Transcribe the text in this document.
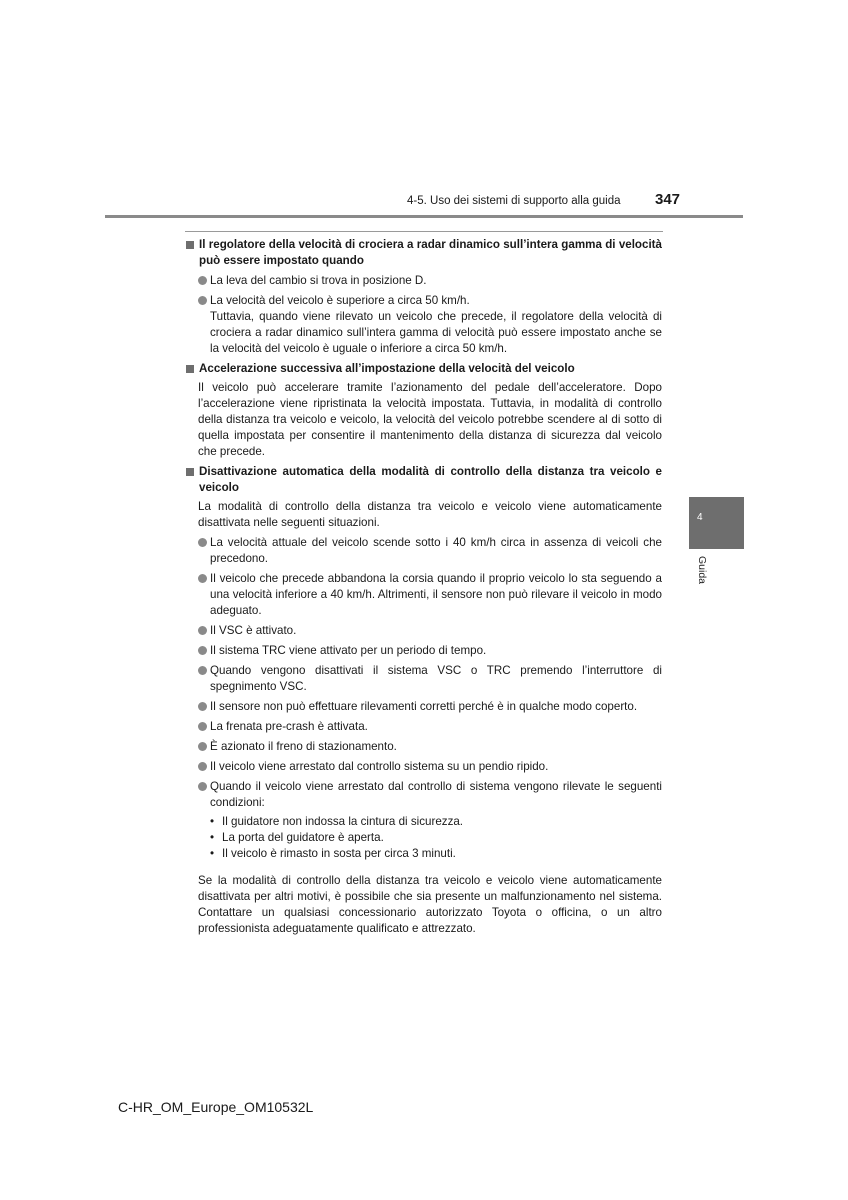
4-5. Uso dei sistemi di supporto alla guida 347
4
Guida
Il regolatore della velocità di crociera a radar dinamico sull’intera gamma di velocità può essere impostato quando
La leva del cambio si trova in posizione D.
La velocità del veicolo è superiore a circa 50 km/h.
Tuttavia, quando viene rilevato un veicolo che precede, il regolatore della velocità di crociera a radar dinamico sull’intera gamma di velocità può essere impostato anche se la velocità del veicolo è uguale o inferiore a circa 50 km/h.
Accelerazione successiva all’impostazione della velocità del veicolo

Il veicolo può accelerare tramite l’azionamento del pedale dell’acceleratore. Dopo l’accelerazione viene ripristinata la velocità impostata. Tuttavia, in modalità di controllo della distanza tra veicolo e veicolo, la velocità del veicolo potrebbe scendere al di sotto di quella impostata per consentire il mantenimento della distanza di sicurezza dal veicolo che precede.

Disattivazione automatica della modalità di controllo della distanza tra veicolo e veicolo

La modalità di controllo della distanza tra veicolo e veicolo viene automaticamente disattivata nelle seguenti situazioni.

La velocità attuale del veicolo scende sotto i 40 km/h circa in assenza di veicoli che precedono.
Il veicolo che precede abbandona la corsia quando il proprio veicolo lo sta seguendo a una velocità inferiore a 40 km/h. Altrimenti, il sensore non può rilevare il veicolo in modo adeguato.
Il VSC è attivato.
Il sistema TRC viene attivato per un periodo di tempo.
Quando vengono disattivati il sistema VSC o TRC premendo l’interruttore di spegnimento VSC.
Il sensore non può effettuare rilevamenti corretti perché è in qualche modo coperto.
La frenata pre-crash è attivata.
È azionato il freno di stazionamento.
Il veicolo viene arrestato dal controllo sistema su un pendio ripido.
Quando il veicolo viene arrestato dal controllo di sistema vengono rilevate le seguenti condizioni:
• Il guidatore non indossa la cintura di sicurezza.
• La porta del guidatore è aperta.
• Il veicolo è rimasto in sosta per circa 3 minuti.

Se la modalità di controllo della distanza tra veicolo e veicolo viene automaticamente disattivata per altri motivi, è possibile che sia presente un malfunzionamento nel sistema. Contattare un qualsiasi concessionario autorizzato Toyota o officina, o un altro professionista adeguatamente qualificato e attrezzato.

C-HR_OM_Europe_OM10532L
